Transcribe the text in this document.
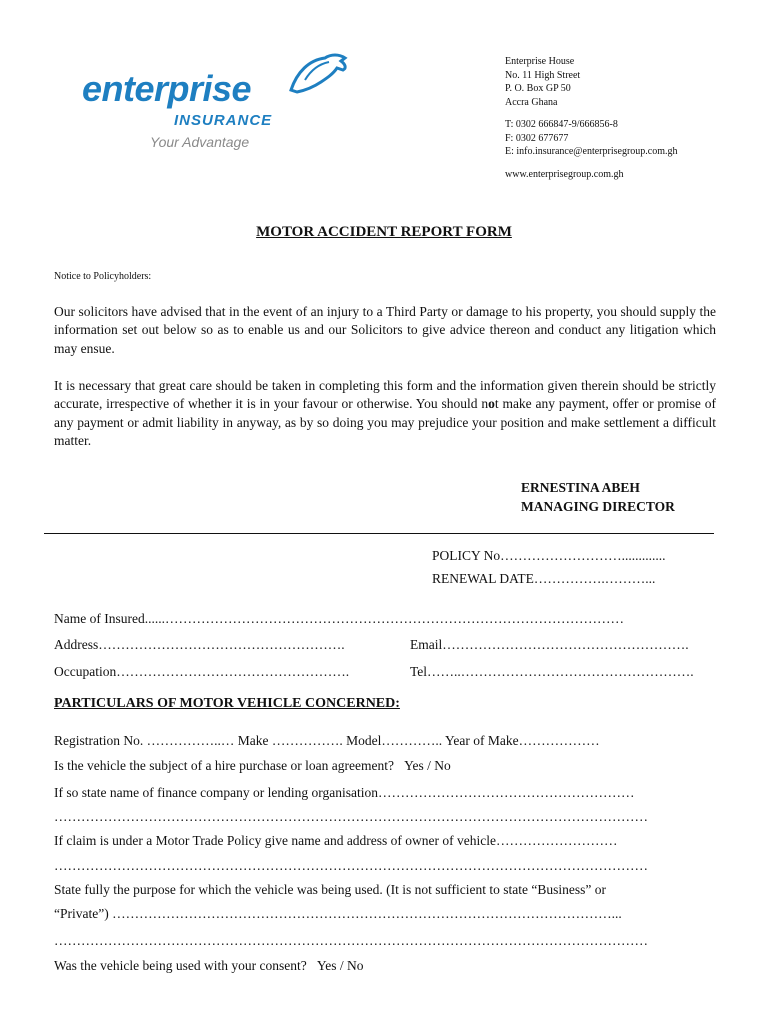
enterprise
INSURANCE
Your Advantage
Enterprise House
No. 11 High Street
P. O. Box GP 50
Accra Ghana
T: 0302 666847-9/666856-8
F: 0302 677677
E: info.insurance@enterprisegroup.com.gh
www.enterprisegroup.com.gh
MOTOR ACCIDENT REPORT FORM
Notice to Policyholders:
Our solicitors have advised that in the event of an injury to a Third Party or damage to his property, you should supply the information set out below so as to enable us and our Solicitors to give advice thereon and conduct any litigation which may ensue.
It is necessary that great care should be taken in completing this form and the information given therein should be strictly accurate, irrespective of whether it is in your favour or otherwise. You should not make any payment, offer or promise of any payment or admit liability in anyway, as by so doing you may prejudice your position and make settlement a difficult matter.
ERNESTINA ABEH
MANAGING DIRECTOR
POLICY No……………………….............
RENEWAL DATE…………….………...
Name of Insured......…………………………………………………………………………………………
Address……………………………………………….	Email……………………………………………….
Occupation…………………………………………….	Tel……..…………………………………………….
PARTICULARS OF MOTOR VEHICLE CONCERNED:
Registration No. ……………..… Make ……………. Model………….. Year of Make………………
Is the vehicle the subject of a hire purchase or loan agreement? Yes / No
If so state name of finance company or lending organisation…………………………………………………
……………………………………………………………………………………………………………………
If claim is under a Motor Trade Policy give name and address of owner of vehicle………………………
……………………………………………………………………………………………………………………
State fully the purpose for which the vehicle was being used. (It is not sufficient to state “Business” or
“Private”) …………………………………………………………………………………………………...
……………………………………………………………………………………………………………………
Was the vehicle being used with your consent? Yes / No
